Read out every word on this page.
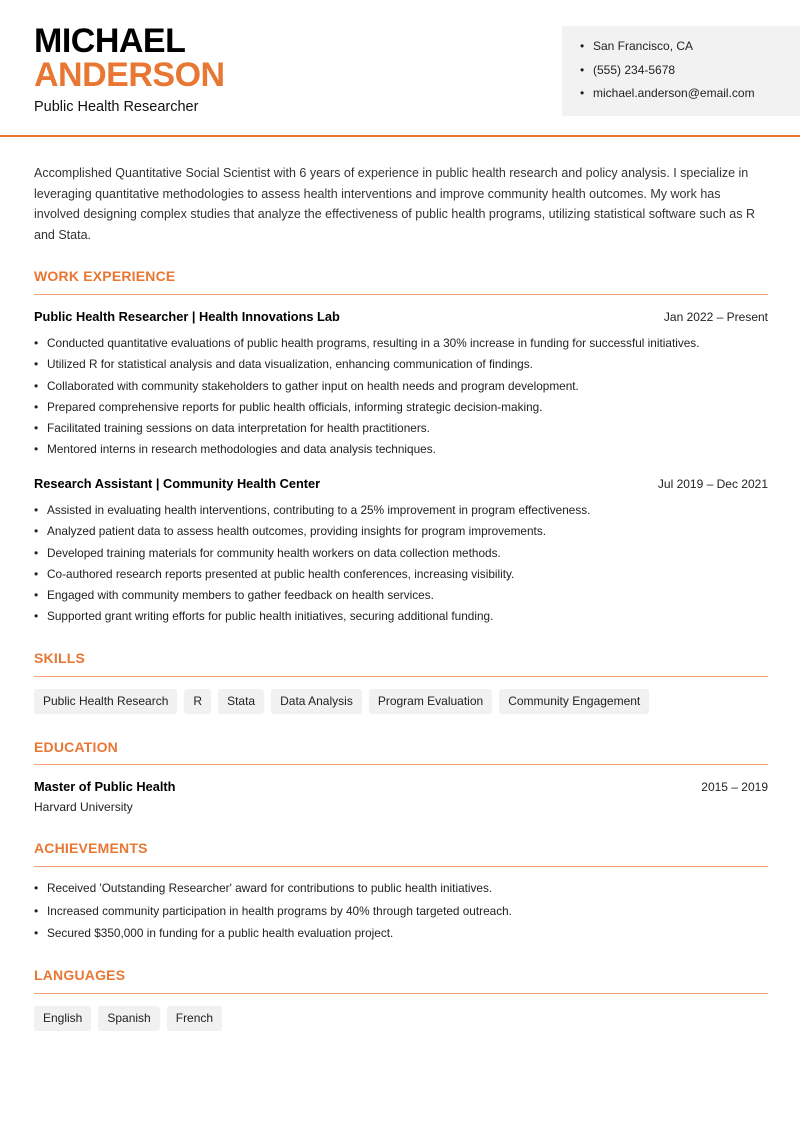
MICHAEL
ANDERSON
Public Health Researcher
• San Francisco, CA
• (555) 234-5678
• michael.anderson@email.com
Accomplished Quantitative Social Scientist with 6 years of experience in public health research and policy analysis. I specialize in leveraging quantitative methodologies to assess health interventions and improve community health outcomes. My work has involved designing complex studies that analyze the effectiveness of public health programs, utilizing statistical software such as R and Stata.
WORK EXPERIENCE
Public Health Researcher | Health Innovations Lab	Jan 2022 – Present
• Conducted quantitative evaluations of public health programs, resulting in a 30% increase in funding for successful initiatives.
• Utilized R for statistical analysis and data visualization, enhancing communication of findings.
• Collaborated with community stakeholders to gather input on health needs and program development.
• Prepared comprehensive reports for public health officials, informing strategic decision-making.
• Facilitated training sessions on data interpretation for health practitioners.
• Mentored interns in research methodologies and data analysis techniques.
Research Assistant | Community Health Center	Jul 2019 – Dec 2021
• Assisted in evaluating health interventions, contributing to a 25% improvement in program effectiveness.
• Analyzed patient data to assess health outcomes, providing insights for program improvements.
• Developed training materials for community health workers on data collection methods.
• Co-authored research reports presented at public health conferences, increasing visibility.
• Engaged with community members to gather feedback on health services.
• Supported grant writing efforts for public health initiatives, securing additional funding.
SKILLS
Public Health Research	R	Stata	Data Analysis	Program Evaluation	Community Engagement
EDUCATION
Master of Public Health	2015 – 2019
Harvard University
ACHIEVEMENTS
• Received 'Outstanding Researcher' award for contributions to public health initiatives.
• Increased community participation in health programs by 40% through targeted outreach.
• Secured $350,000 in funding for a public health evaluation project.
LANGUAGES
English	Spanish	French
